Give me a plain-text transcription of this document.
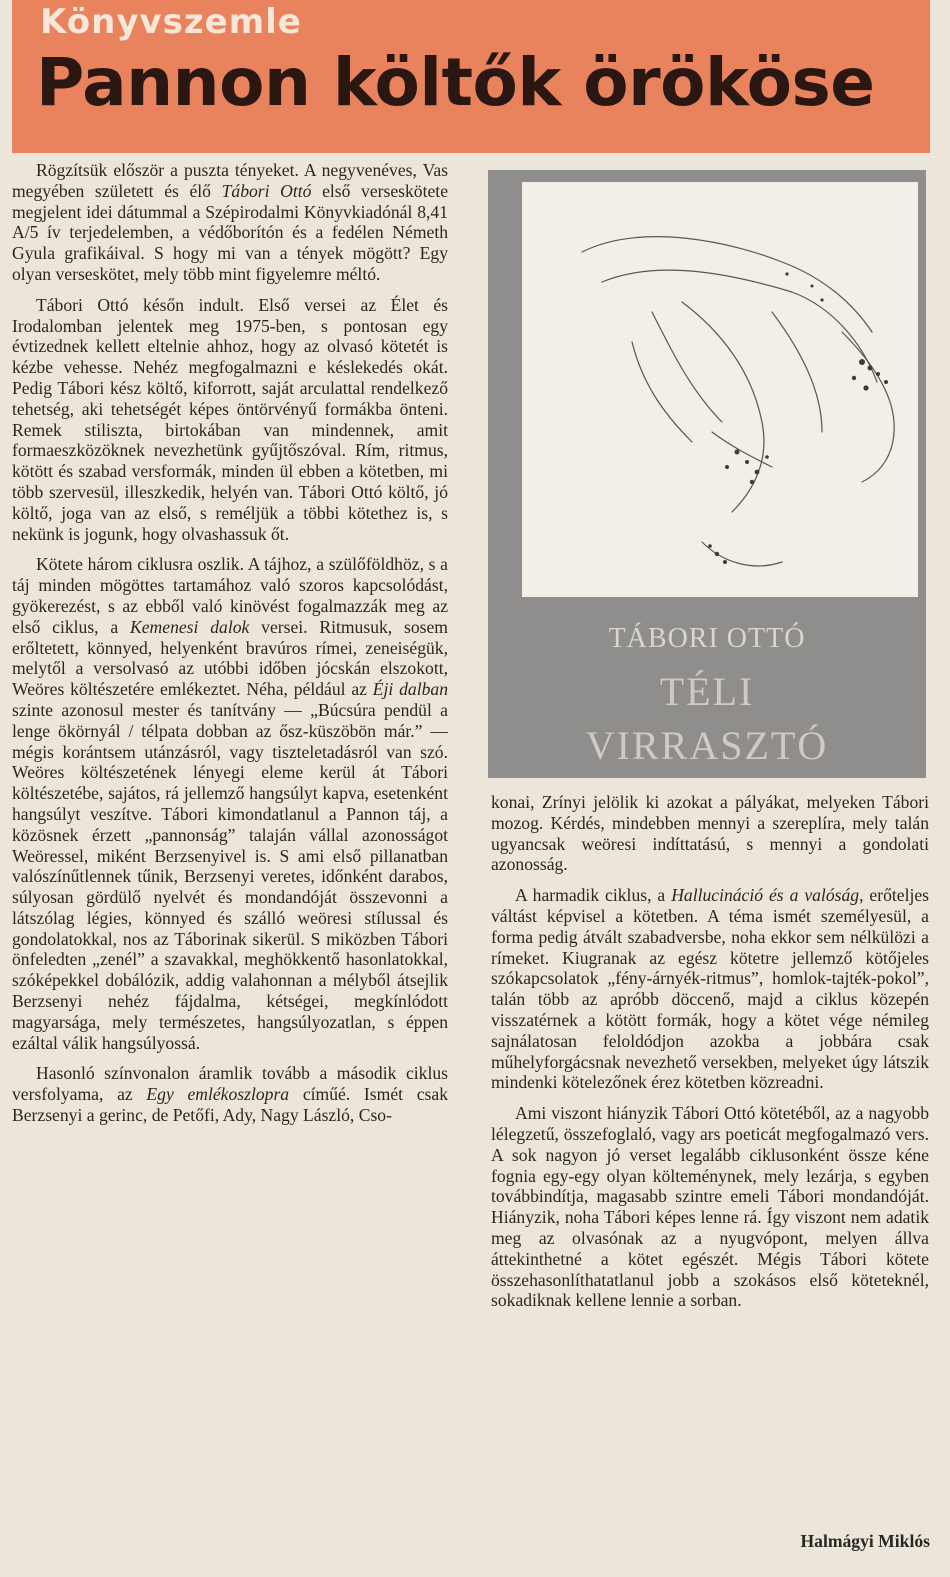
Könyvszemle
Pannon költők örököse

Rögzítsük először a puszta tényeket. A negyvenéves, Vas megyében született és élő Tábori Ottó első verseskötete megjelent idei dátummal a Szépirodalmi Könyvkiadónál 8,41 A/5 ív terjedelemben, a védőborítón és a fedélen Németh Gyula grafikáival. S hogy mi van a tények mögött? Egy olyan verseskötet, mely több mint figyelemre méltó.

Tábori Ottó későn indult. Első versei az Élet és Irodalomban jelentek meg 1975-ben, s pontosan egy évtizednek kellett eltelnie ahhoz, hogy az olvasó kötetét is kézbe vehesse. Nehéz megfogalmazni e késlekedés okát. Pedig Tábori kész költő, kiforrott, saját arculattal rendelkező tehetség, aki tehetségét képes öntörvényű formákba önteni. Remek stiliszta, birtokában van mindennek, amit formaeszközöknek nevezhetünk gyűjtőszóval. Rím, ritmus, kötött és szabad versformák, minden ül ebben a kötetben, mi több szervesül, illeszkedik, helyén van. Tábori Ottó költő, jó költő, joga van az első, s reméljük a többi kötethez is, s nekünk is jogunk, hogy olvashassuk őt.

Kötete három ciklusra oszlik. A tájhoz, a szülőföldhöz, s a táj minden mögöttes tartamához való szoros kapcsolódást, gyökerezést, s az ebből való kinövést fogalmazzák meg az első ciklus, a Kemenesi dalok versei. Ritmusuk, sosem erőltetett, könnyed, helyenként bravúros rímei, zeneiségük, melytől a versolvasó az utóbbi időben jócskán elszokott, Weöres költészetére emlékeztet. Néha, például az Éji dalban szinte azonosul mester és tanítvány — „Búcsúra pendül a lenge ökörnyál / télpata dobban az ősz-küszöbön már.” — mégis korántsem utánzásról, vagy tiszteletadásról van szó. Weöres költészetének lényegi eleme kerül át Tábori költészetébe, sajátos, rá jellemző hangsúlyt kapva, esetenként hangsúlyt veszítve. Tábori kimondatlanul a Pannon táj, a közösnek érzett „pannonság” talaján vállal azonosságot Weöressel, miként Berzsenyivel is. S ami első pillanatban valószínűtlennek tűnik, Berzsenyi veretes, időnként darabos, súlyosan gördülő nyelvét és mondandóját összevonni a látszólag légies, könnyed és szálló weöresi stílussal és gondolatokkal, nos az Táborinak sikerül. S miközben Tábori önfeledten „zenél” a szavakkal, meghökkentő hasonlatokkal, szóképekkel dobálózik, addig valahonnan a mélyből átsejlik Berzsenyi nehéz fájdalma, kétségei, megkínlódott magyarsága, mely természetes, hangsúlyozatlan, s éppen ezáltal válik hangsúlyossá.

Hasonló színvonalon áramlik tovább a második ciklus versfolyama, az Egy emlékoszlopra címűé. Ismét csak Berzsenyi a gerinc, de Petőfi, Ady, Nagy László, Cso-

TÁBORI OTTÓ
TÉLI
VIRRASZTÓ

konai, Zrínyi jelölik ki azokat a pályákat, melyeken Tábori mozog. Kérdés, mindebben mennyi a szereplíra, mely talán ugyancsak weöresi indíttatású, s mennyi a gondolati azonosság.

A harmadik ciklus, a Hallucináció és a valóság, erőteljes váltást képvisel a kötetben. A téma ismét személyesül, a forma pedig átvált szabadversbe, noha ekkor sem nélkülözi a rímeket. Kiugranak az egész kötetre jellemző kötőjeles szókapcsolatok „fény-árnyék-ritmus”, homlok-tajték-pokol”, talán több az apróbb döccenő, majd a ciklus közepén visszatérnek a kötött formák, hogy a kötet vége némileg sajnálatosan feloldódjon azokba a jobbára csak műhelyforgácsnak nevezhető versekben, melyeket úgy látszik mindenki kötelezőnek érez kötetben közreadni.

Ami viszont hiányzik Tábori Ottó kötetéből, az a nagyobb lélegzetű, összefoglaló, vagy ars poeticát megfogalmazó vers. A sok nagyon jó verset legalább ciklusonként össze kéne fognia egy-egy olyan költeménynek, mely lezárja, s egyben továbbindítja, magasabb szintre emeli Tábori mondandóját. Hiányzik, noha Tábori képes lenne rá. Így viszont nem adatik meg az olvasónak az a nyugvópont, melyen állva áttekinthetné a kötet egészét. Mégis Tábori kötete összehasonlíthatatlanul jobb a szokásos első köteteknél, sokadiknak kellene lennie a sorban.

Halmágyi Miklós
